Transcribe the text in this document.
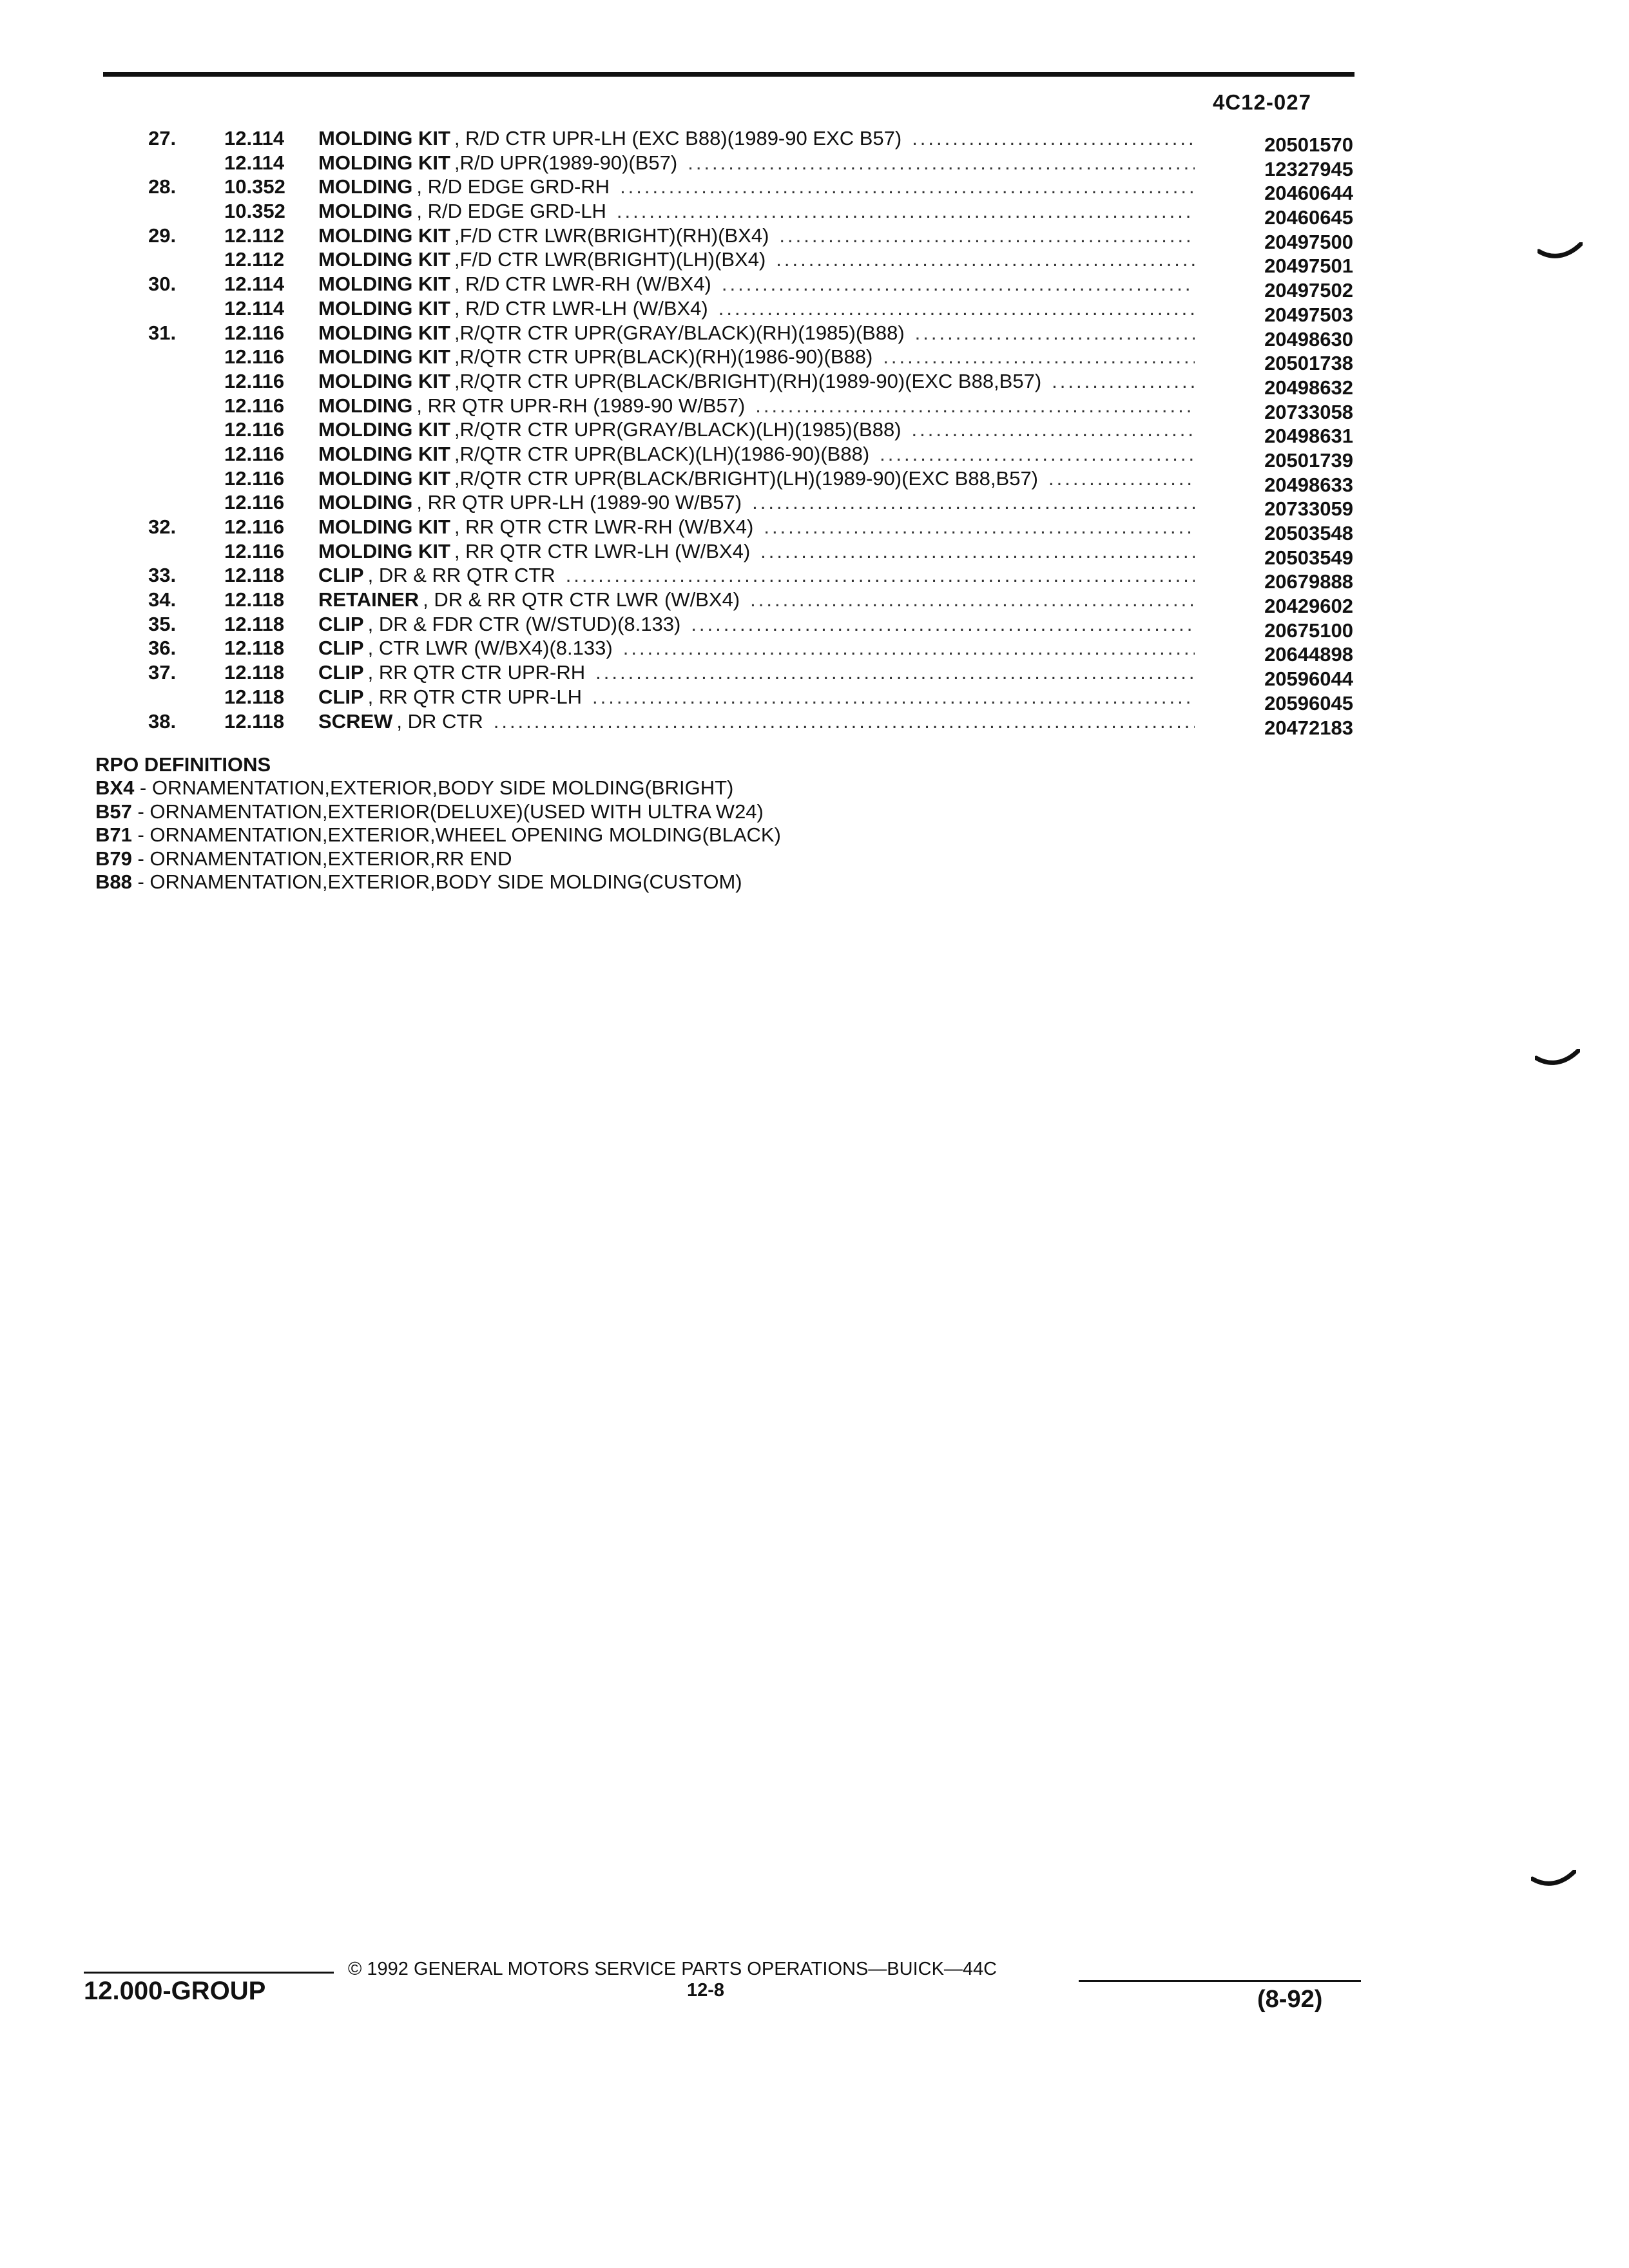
4C12-027
27. 12.114 MOLDING KIT , R/D CTR UPR-LH (EXC B88)(1989-90 EXC B57) .....	20501570
12.114 MOLDING KIT ,R/D UPR(1989-90)(B57) .....	12327945
28. 10.352 MOLDING , R/D EDGE GRD-RH .....	20460644
10.352 MOLDING , R/D EDGE GRD-LH .....	20460645
29. 12.112 MOLDING KIT ,F/D CTR LWR(BRIGHT)(RH)(BX4) .....	20497500
12.112 MOLDING KIT ,F/D CTR LWR(BRIGHT)(LH)(BX4) .....	20497501
30. 12.114 MOLDING KIT , R/D CTR LWR-RH (W/BX4) .....	20497502
12.114 MOLDING KIT , R/D CTR LWR-LH (W/BX4) .....	20497503
31. 12.116 MOLDING KIT ,R/QTR CTR UPR(GRAY/BLACK)(RH)(1985)(B88) .....	20498630
12.116 MOLDING KIT ,R/QTR CTR UPR(BLACK)(RH)(1986-90)(B88) .....	20501738
12.116 MOLDING KIT ,R/QTR CTR UPR(BLACK/BRIGHT)(RH)(1989-90)(EXC B88,B57) .....	20498632
12.116 MOLDING , RR QTR UPR-RH (1989-90 W/B57) .....	20733058
12.116 MOLDING KIT ,R/QTR CTR UPR(GRAY/BLACK)(LH)(1985)(B88) .....	20498631
12.116 MOLDING KIT ,R/QTR CTR UPR(BLACK)(LH)(1986-90)(B88) .....	20501739
12.116 MOLDING KIT ,R/QTR CTR UPR(BLACK/BRIGHT)(LH)(1989-90)(EXC B88,B57) .....	20498633
12.116 MOLDING , RR QTR UPR-LH (1989-90 W/B57) .....	20733059
32. 12.116 MOLDING KIT , RR QTR CTR LWR-RH (W/BX4) .....	20503548
12.116 MOLDING KIT , RR QTR CTR LWR-LH (W/BX4) .....	20503549
33. 12.118 CLIP , DR & RR QTR CTR .....	20679888
34. 12.118 RETAINER , DR & RR QTR CTR LWR (W/BX4) .....	20429602
35. 12.118 CLIP , DR & FDR CTR (W/STUD)(8.133) .....	20675100
36. 12.118 CLIP , CTR LWR (W/BX4)(8.133) .....	20644898
37. 12.118 CLIP , RR QTR CTR UPR-RH .....	20596044
12.118 CLIP , RR QTR CTR UPR-LH .....	20596045
38. 12.118 SCREW , DR CTR .....	20472183
RPO DEFINITIONS
BX4 - ORNAMENTATION,EXTERIOR,BODY SIDE MOLDING(BRIGHT)
B57 - ORNAMENTATION,EXTERIOR(DELUXE)(USED WITH ULTRA W24)
B71 - ORNAMENTATION,EXTERIOR,WHEEL OPENING MOLDING(BLACK)
B79 - ORNAMENTATION,EXTERIOR,RR END
B88 - ORNAMENTATION,EXTERIOR,BODY SIDE MOLDING(CUSTOM)
© 1992 GENERAL MOTORS SERVICE PARTS OPERATIONS—BUICK—44C
12.000-GROUP	12-8	(8-92)
